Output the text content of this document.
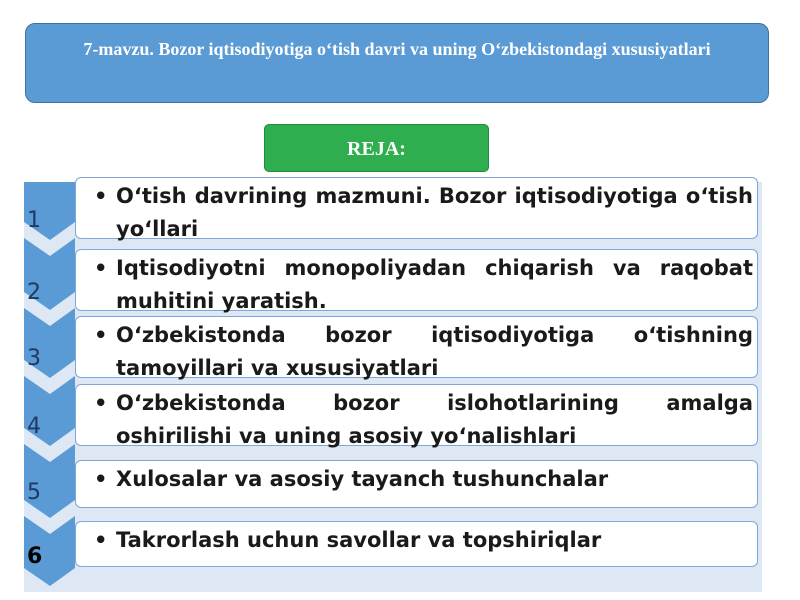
7-mavzu. Bozor iqtisodiyotiga o‘tish davri va uning O‘zbekistondagi xususiyatlari
REJA:
1
2
3
4
5
6
• O‘tish davrining mazmuni. Bozor iqtisodiyotiga o‘tish yo‘llari
• Iqtisodiyotni monopoliyadan chiqarish va raqobat muhitini yaratish.
• O‘zbekistonda bozor iqtisodiyotiga o‘tishning tamoyillari va xususiyatlari
• O‘zbekistonda bozor islohotlarining amalga oshirilishi va uning asosiy yo‘nalishlari
• Xulosalar va asosiy tayanch tushunchalar
• Takrorlash uchun savollar va topshiriqlar
